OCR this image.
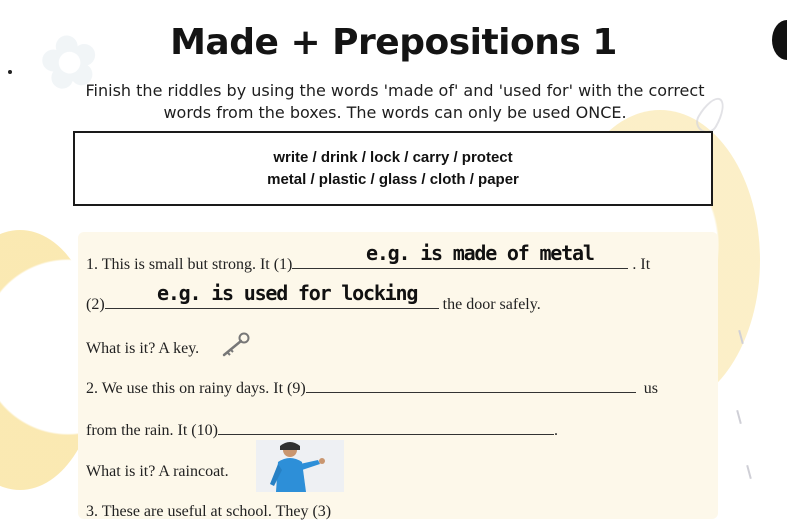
✿	Made + Prepositions 1
Finish the riddles by using the words 'made of' and 'used for' with the correct words from the boxes. The words can only be used ONCE.
write / drink / lock / carry / protect
metal / plastic / glass / cloth / paper
1. This is small but strong. It (1)	. It
e.g. is made of metal
(2)	the door safely.
e.g. is used for locking
What is it? A key.
2. We use this on rainy days. It (9)	us
from the rain. It (10)	.
What is it? A raincoat.
3. These are useful at school. They (3)
